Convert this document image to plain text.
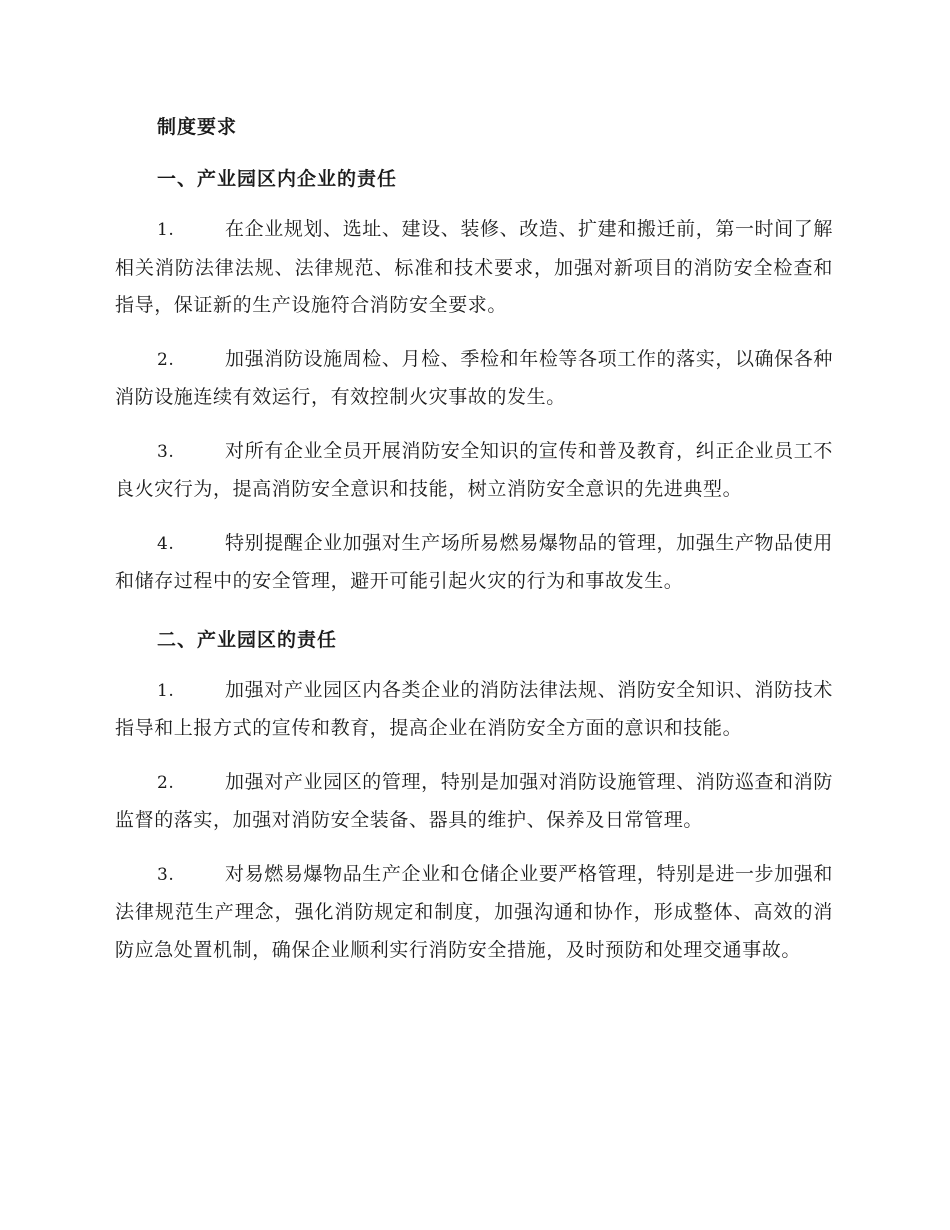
制度要求

一、产业园区内企业的责任

1.	在企业规划、选址、建设、装修、改造、扩建和搬迁前，第一时间了解相关消防法律法规、法律规范、标准和技术要求，加强对新项目的消防安全检查和指导，保证新的生产设施符合消防安全要求。

2.	加强消防设施周检、月检、季检和年检等各项工作的落实，以确保各种消防设施连续有效运行，有效控制火灾事故的发生。

3.	对所有企业全员开展消防安全知识的宣传和普及教育，纠正企业员工不良火灾行为，提高消防安全意识和技能，树立消防安全意识的先进典型。

4.	特别提醒企业加强对生产场所易燃易爆物品的管理，加强生产物品使用和储存过程中的安全管理，避开可能引起火灾的行为和事故发生。

二、产业园区的责任

1.	加强对产业园区内各类企业的消防法律法规、消防安全知识、消防技术指导和上报方式的宣传和教育，提高企业在消防安全方面的意识和技能。

2.	加强对产业园区的管理，特别是加强对消防设施管理、消防巡查和消防监督的落实，加强对消防安全装备、器具的维护、保养及日常管理。

3.	对易燃易爆物品生产企业和仓储企业要严格管理，特别是进一步加强和法律规范生产理念，强化消防规定和制度，加强沟通和协作，形成整体、高效的消防应急处置机制，确保企业顺利实行消防安全措施，及时预防和处理交通事故。
